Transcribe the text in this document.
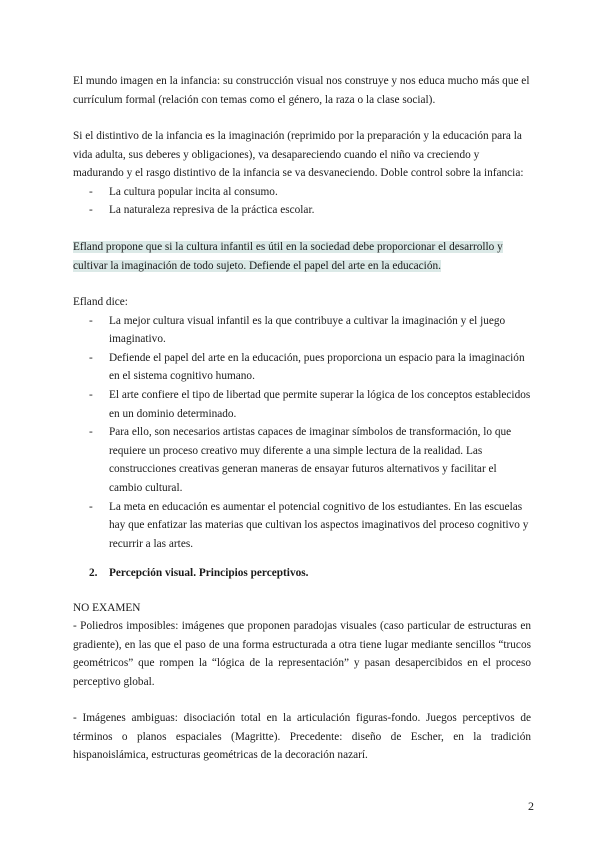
El mundo imagen en la infancia: su construcción visual nos construye y nos educa mucho más que el currículum formal (relación con temas como el género, la raza o la clase social).

Si el distintivo de la infancia es la imaginación (reprimido por la preparación y la educación para la vida adulta, sus deberes y obligaciones), va desapareciendo cuando el niño va creciendo y madurando y el rasgo distintivo de la infancia se va desvaneciendo. Doble control sobre la infancia:

- La cultura popular incita al consumo.
- La naturaleza represiva de la práctica escolar.

Efland propone que si la cultura infantil es útil en la sociedad debe proporcionar el desarrollo y cultivar la imaginación de todo sujeto. Defiende el papel del arte en la educación.

Efland dice:

- La mejor cultura visual infantil es la que contribuye a cultivar la imaginación y el juego imaginativo.
- Defiende el papel del arte en la educación, pues proporciona un espacio para la imaginación en el sistema cognitivo humano.
- El arte confiere el tipo de libertad que permite superar la lógica de los conceptos establecidos en un dominio determinado.
- Para ello, son necesarios artistas capaces de imaginar símbolos de transformación, lo que requiere un proceso creativo muy diferente a una simple lectura de la realidad. Las construcciones creativas generan maneras de ensayar futuros alternativos y facilitar el cambio cultural.
- La meta en educación es aumentar el potencial cognitivo de los estudiantes. En las escuelas hay que enfatizar las materias que cultivan los aspectos imaginativos del proceso cognitivo y recurrir a las artes.

2. Percepción visual. Principios perceptivos.

NO EXAMEN

- Poliedros imposibles: imágenes que proponen paradojas visuales (caso particular de estructuras en gradiente), en las que el paso de una forma estructurada a otra tiene lugar mediante sencillos “trucos geométricos” que rompen la “lógica de la representación” y pasan desapercibidos en el proceso perceptivo global.

- Imágenes ambiguas: disociación total en la articulación figuras-fondo. Juegos perceptivos de términos o planos espaciales (Magritte). Precedente: diseño de Escher, en la tradición hispanoislámica, estructuras geométricas de la decoración nazarí.

2
